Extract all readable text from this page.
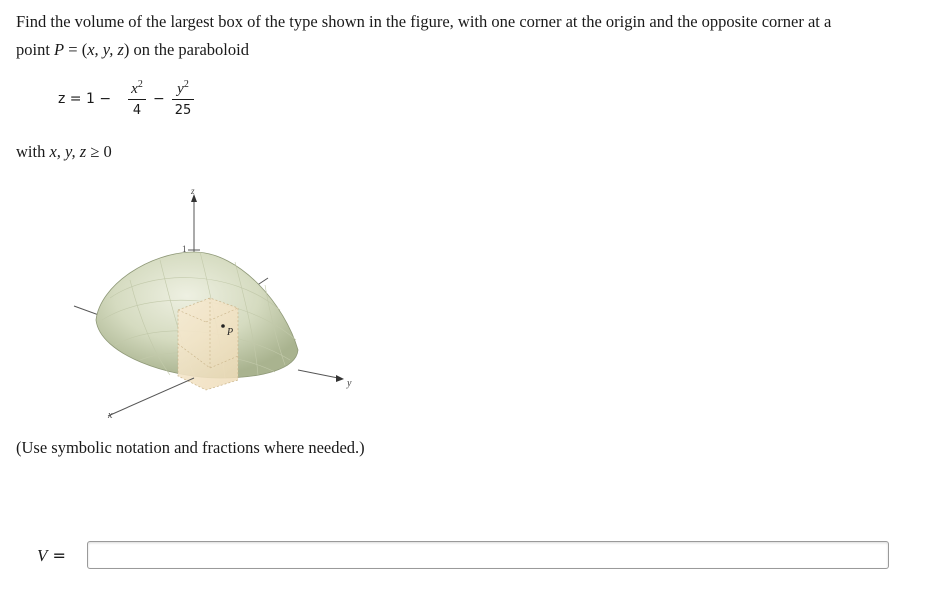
Find the volume of the largest box of the type shown in the figure, with one corner at the origin and the opposite corner at a
point P = (x, y, z) on the paraboloid
z = 1 −
$x^2$
4
−
$y^2$
25
with x, y, z ≥ 0
P
z
y
x
1
(Use symbolic notation and fractions where needed.)
V =
